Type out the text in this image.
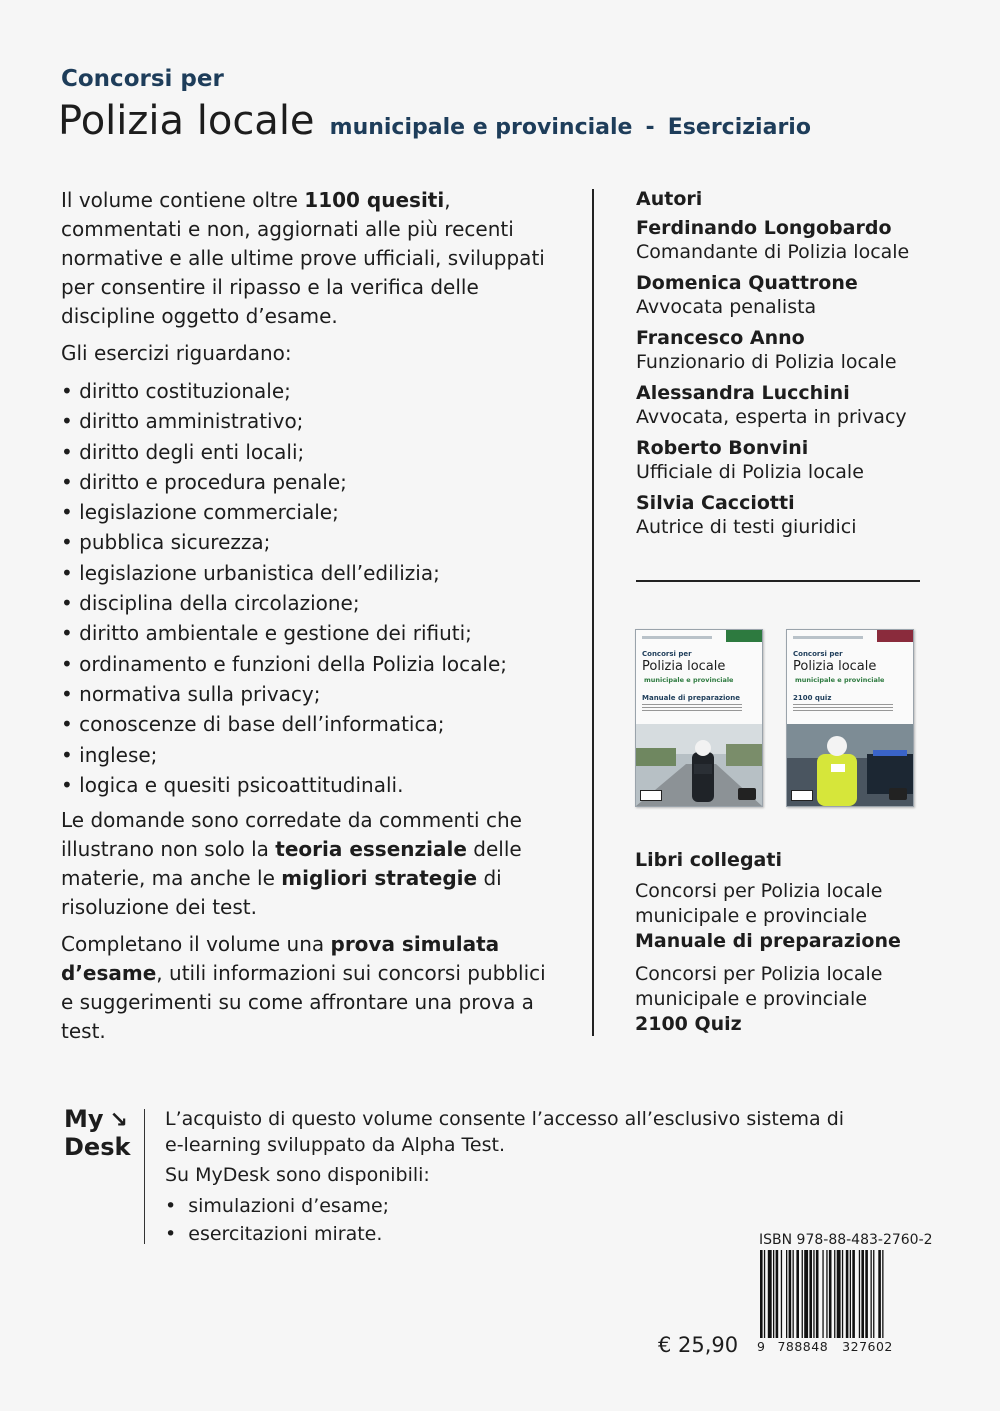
Concorsi per
Polizia locale municipale e provinciale - Eserciziario

Il volume contiene oltre 1100 quesiti, commentati e non, aggiornati alle più recenti normative e alle ultime prove ufficiali, sviluppati per consentire il ripasso e la verifica delle discipline oggetto d’esame.

Gli esercizi riguardano:

• diritto costituzionale;
• diritto amministrativo;
• diritto degli enti locali;
• diritto e procedura penale;
• legislazione commerciale;
• pubblica sicurezza;
• legislazione urbanistica dell’edilizia;
• disciplina della circolazione;
• diritto ambientale e gestione dei rifiuti;
• ordinamento e funzioni della Polizia locale;
• normativa sulla privacy;
• conoscenze di base dell’informatica;
• inglese;
• logica e quesiti psicoattitudinali.

Le domande sono corredate da commenti che illustrano non solo la teoria essenziale delle materie, ma anche le migliori strategie di risoluzione dei test.

Completano il volume una prova simulata d’esame, utili informazioni sui concorsi pubblici e suggerimenti su come affrontare una prova a test.

Autori
Ferdinando Longobardo
Comandante di Polizia locale
Domenica Quattrone
Avvocata penalista
Francesco Anno
Funzionario di Polizia locale
Alessandra Lucchini
Avvocata, esperta in privacy
Roberto Bonvini
Ufficiale di Polizia locale
Silvia Cacciotti
Autrice di testi giuridici
Concorsi per
Polizia locale
municipale e provinciale
Manuale di preparazione
Concorsi per
Polizia locale
municipale e provinciale
2100 quiz
Libri collegati
Concorsi per Polizia locale
municipale e provinciale
Manuale di preparazione
Concorsi per Polizia locale
municipale e provinciale
2100 Quiz
My ↘
Desk

L’acquisto di questo volume consente l’accesso all’esclusivo sistema di e-learning sviluppato da Alpha Test.

Su MyDesk sono disponibili:

• simulazioni d’esame;
• esercitazioni mirate.	ISBN 978-88-483-2760-2
9 788848 327602
€ 25,90
